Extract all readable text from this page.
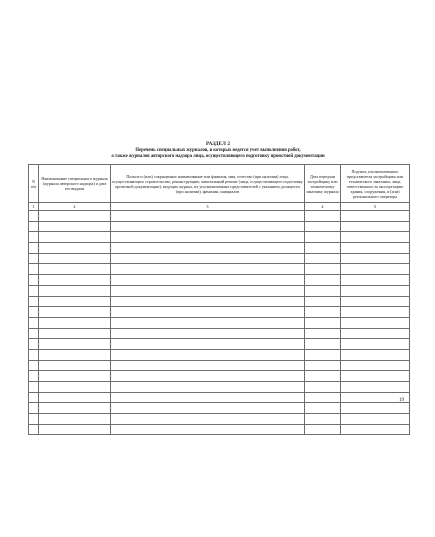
РАЗДЕЛ 2
Перечень специальных журналов, в которых ведется учет выполнения работ,
а также журналов авторского надзора лица, осуществляющего подготовку проектной документации
N п/п	Наименование специального журнала (журнала авторского надзора) и дата его выдачи	Полное и (или) сокращенное наименование или фамилия, имя, отчество (при наличии) лица, осуществляющего строительство, реконструкцию, капитальный ремонт (лица, осуществляющего подготовку проектной документации), ведущих журнал, их уполномоченных представителей с указанием должности (при наличии), фамилии, инициалов	Дата передачи застройщику или техническому заказчику журнала	Подпись уполномоченного представителя застройщика или технического заказчика, лица, ответственного за эксплуатацию здания, сооружения, и (или) регионального оператора
1	2	3	4	5

19
